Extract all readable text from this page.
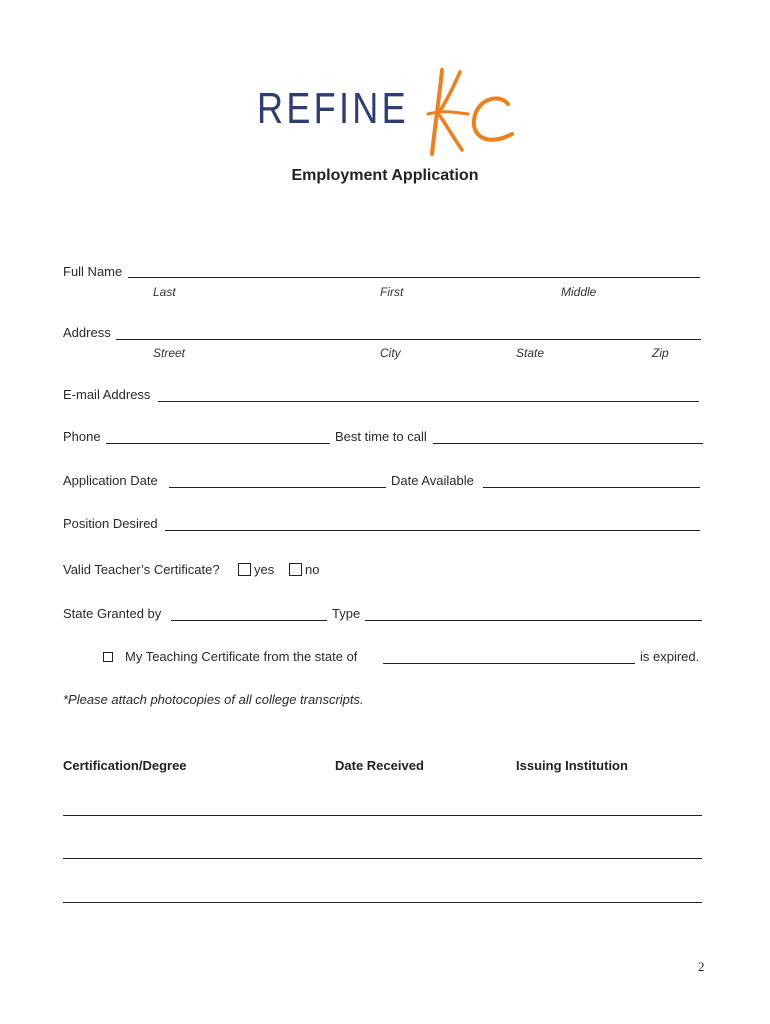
REFINE
Employment Application
Full Name
Last	First	Middle
Address
Street	City	State	Zip
E-mail Address
Phone	Best time to call
Application Date	Date Available
Position Desired
Valid Teacher’s Certificate?	yes no
State Granted by	Type
My Teaching Certificate from the state of	is expired.
*Please attach photocopies of all college transcripts.
Certification/Degree	Date Received	Issuing Institution
2
